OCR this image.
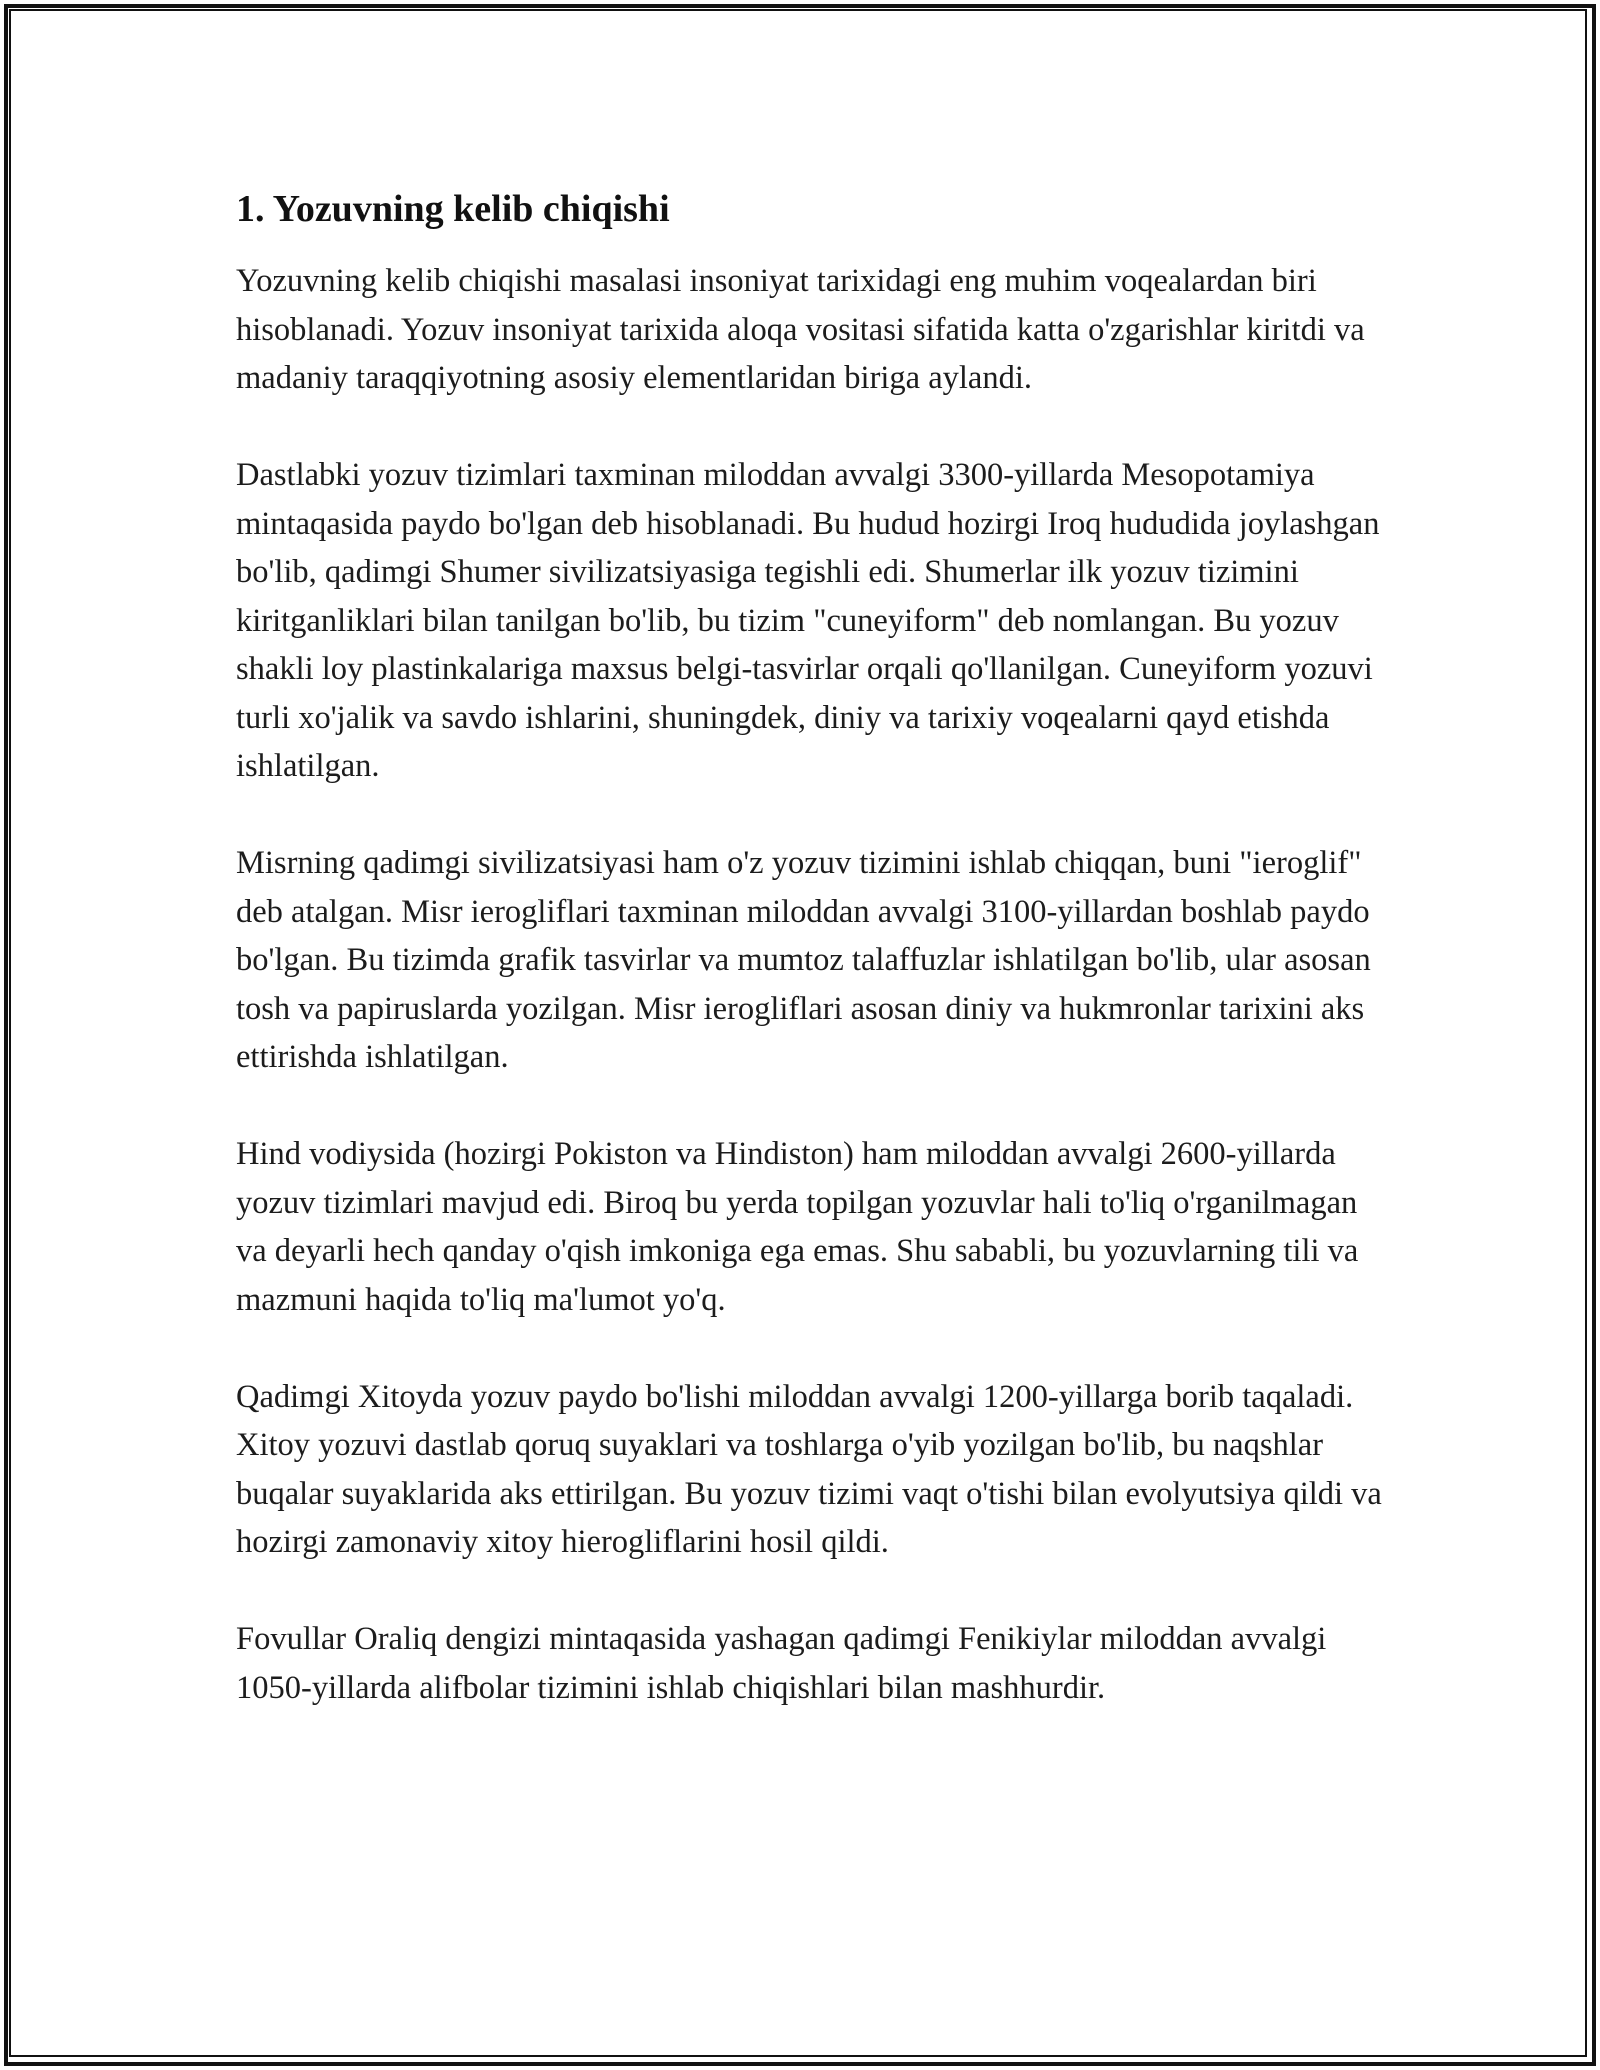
1. Yozuvning kelib chiqishi

Yozuvning kelib chiqishi masalasi insoniyat tarixidagi eng muhim voqealardan biri hisoblanadi. Yozuv insoniyat tarixida aloqa vositasi sifatida katta o'zgarishlar kiritdi va madaniy taraqqiyotning asosiy elementlaridan biriga aylandi.

Dastlabki yozuv tizimlari taxminan miloddan avvalgi 3300-yillarda Mesopotamiya mintaqasida paydo bo'lgan deb hisoblanadi. Bu hudud hozirgi Iroq hududida joylashgan bo'lib, qadimgi Shumer sivilizatsiyasiga tegishli edi. Shumerlar ilk yozuv tizimini kiritganliklari bilan tanilgan bo'lib, bu tizim "cuneyiform" deb nomlangan. Bu yozuv shakli loy plastinkalariga maxsus belgi-tasvirlar orqali qo'llanilgan. Cuneyiform yozuvi turli xo'jalik va savdo ishlarini, shuningdek, diniy va tarixiy voqealarni qayd etishda ishlatilgan.

Misrning qadimgi sivilizatsiyasi ham o'z yozuv tizimini ishlab chiqqan, buni "ieroglif" deb atalgan. Misr ierogliflari taxminan miloddan avvalgi 3100-yillardan boshlab paydo bo'lgan. Bu tizimda grafik tasvirlar va mumtoz talaffuzlar ishlatilgan bo'lib, ular asosan tosh va papiruslarda yozilgan. Misr ierogliflari asosan diniy va hukmronlar tarixini aks ettirishda ishlatilgan.

Hind vodiysida (hozirgi Pokiston va Hindiston) ham miloddan avvalgi 2600-yillarda yozuv tizimlari mavjud edi. Biroq bu yerda topilgan yozuvlar hali to'liq o'rganilmagan va deyarli hech qanday o'qish imkoniga ega emas. Shu sababli, bu yozuvlarning tili va mazmuni haqida to'liq ma'lumot yo'q.

Qadimgi Xitoyda yozuv paydo bo'lishi miloddan avvalgi 1200-yillarga borib taqaladi. Xitoy yozuvi dastlab qoruq suyaklari va toshlarga o'yib yozilgan bo'lib, bu naqshlar buqalar suyaklarida aks ettirilgan. Bu yozuv tizimi vaqt o'tishi bilan evolyutsiya qildi va hozirgi zamonaviy xitoy hierogliflarini hosil qildi.

Fovullar Oraliq dengizi mintaqasida yashagan qadimgi Fenikiylar miloddan avvalgi 1050-yillarda alifbolar tizimini ishlab chiqishlari bilan mashhurdir.
